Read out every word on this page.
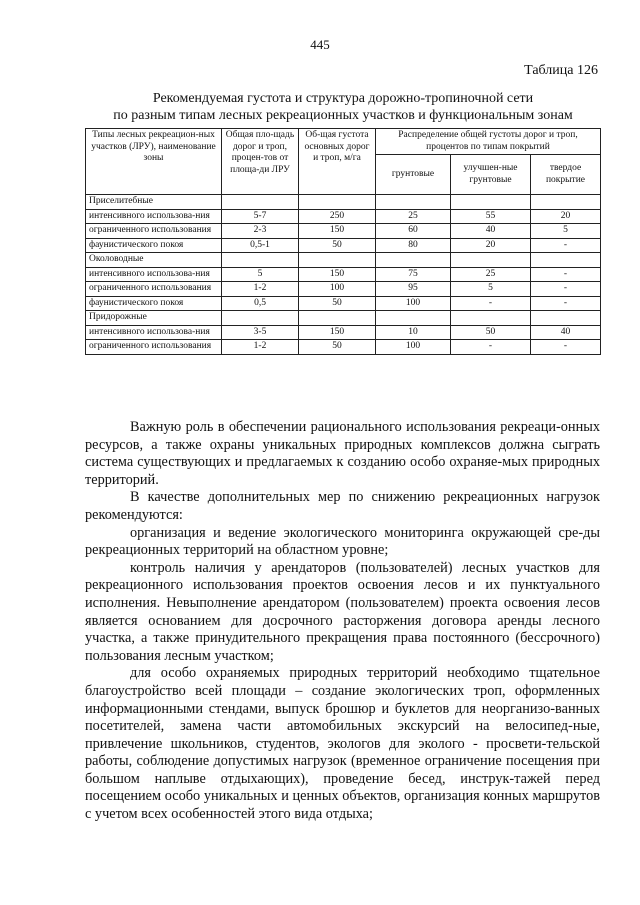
445
Таблица 126
Рекомендуемая густота и структура дорожно-тропиночной сети
по разным типам лесных рекреационных участков и функциональным зонам
Типы лесных рекреацион-ных участков (ЛРУ), наименование зоны	Общая пло-щадь дорог и троп, процен-тов от площа-ди ЛРУ	Об-щая густота основных дорог и троп, м/га	Распределение общей густоты дорог и троп, процентов по типам покрытий		
			грунтовые	улучшен-ные грунтовые	твердое покрытие
Приселитебные					
интенсивного использова-ния	5-7	250	25	55	20
ограниченного использования	2-3	150	60	40	5
фаунистического покоя	0,5-1	50	80	20	-
Околоводные					
интенсивного использова-ния	5	150	75	25	-
ограниченного использования	1-2	100	95	5	-
фаунистического покоя	0,5	50	100	-	-
Придорожные					
интенсивного использова-ния	3-5	150	10	50	40
ограниченного использования	1-2	50	100	-	-

Важную роль в обеспечении рационального использования рекреаци-онных ресурсов, а также охраны уникальных природных комплексов должна сыграть система существующих и предлагаемых к созданию особо охраняе-мых природных территорий.

В качестве дополнительных мер по снижению рекреационных нагрузок рекомендуются:

организация и ведение экологического мониторинга окружающей сре-ды рекреационных территорий на областном уровне;

контроль наличия у арендаторов (пользователей) лесных участков для рекреационного использования проектов освоения лесов и их пунктуального исполнения. Невыполнение арендатором (пользователем) проекта освоения лесов является основанием для досрочного расторжения договора аренды лесного участка, а также принудительного прекращения права постоянного (бессрочного) пользования лесным участком;

для особо охраняемых природных территорий необходимо тщательное благоустройство всей площади – создание экологических троп, оформленных информационными стендами, выпуск брошюр и буклетов для неорганизо-ванных посетителей, замена части автомобильных экскурсий на велосипед-ные, привлечение школьников, студентов, экологов для эколого - просвети-тельской работы, соблюдение допустимых нагрузок (временное ограничение посещения при большом наплыве отдыхающих), проведение бесед, инструк-тажей перед посещением особо уникальных и ценных объектов, организация конных маршрутов с учетом всех особенностей этого вида отдыха;
